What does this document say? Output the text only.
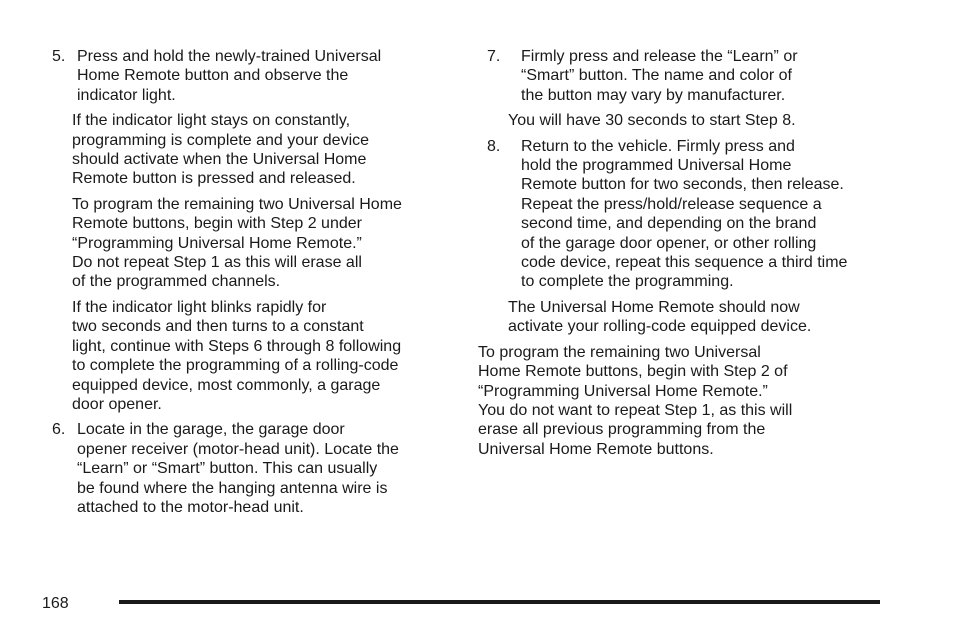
5. Press and hold the newly-trained Universal
Home Remote button and observe the
indicator light.
If the indicator light stays on constantly,
programming is complete and your device
should activate when the Universal Home
Remote button is pressed and released.
To program the remaining two Universal Home
Remote buttons, begin with Step 2 under
“Programming Universal Home Remote.”
Do not repeat Step 1 as this will erase all
of the programmed channels.
If the indicator light blinks rapidly for
two seconds and then turns to a constant
light, continue with Steps 6 through 8 following
to complete the programming of a rolling-code
equipped device, most commonly, a garage
door opener.
6. Locate in the garage, the garage door
opener receiver (motor-head unit). Locate the
“Learn” or “Smart” button. This can usually
be found where the hanging antenna wire is
attached to the motor-head unit.
7.	Firmly press and release the “Learn” or
“Smart” button. The name and color of
the button may vary by manufacturer.
You will have 30 seconds to start Step 8.
8.	Return to the vehicle. Firmly press and
hold the programmed Universal Home
Remote button for two seconds, then release.
Repeat the press/hold/release sequence a
second time, and depending on the brand
of the garage door opener, or other rolling
code device, repeat this sequence a third time
to complete the programming.
The Universal Home Remote should now
activate your rolling-code equipped device.
To program the remaining two Universal
Home Remote buttons, begin with Step 2 of
“Programming Universal Home Remote.”
You do not want to repeat Step 1, as this will
erase all previous programming from the
Universal Home Remote buttons.
168
